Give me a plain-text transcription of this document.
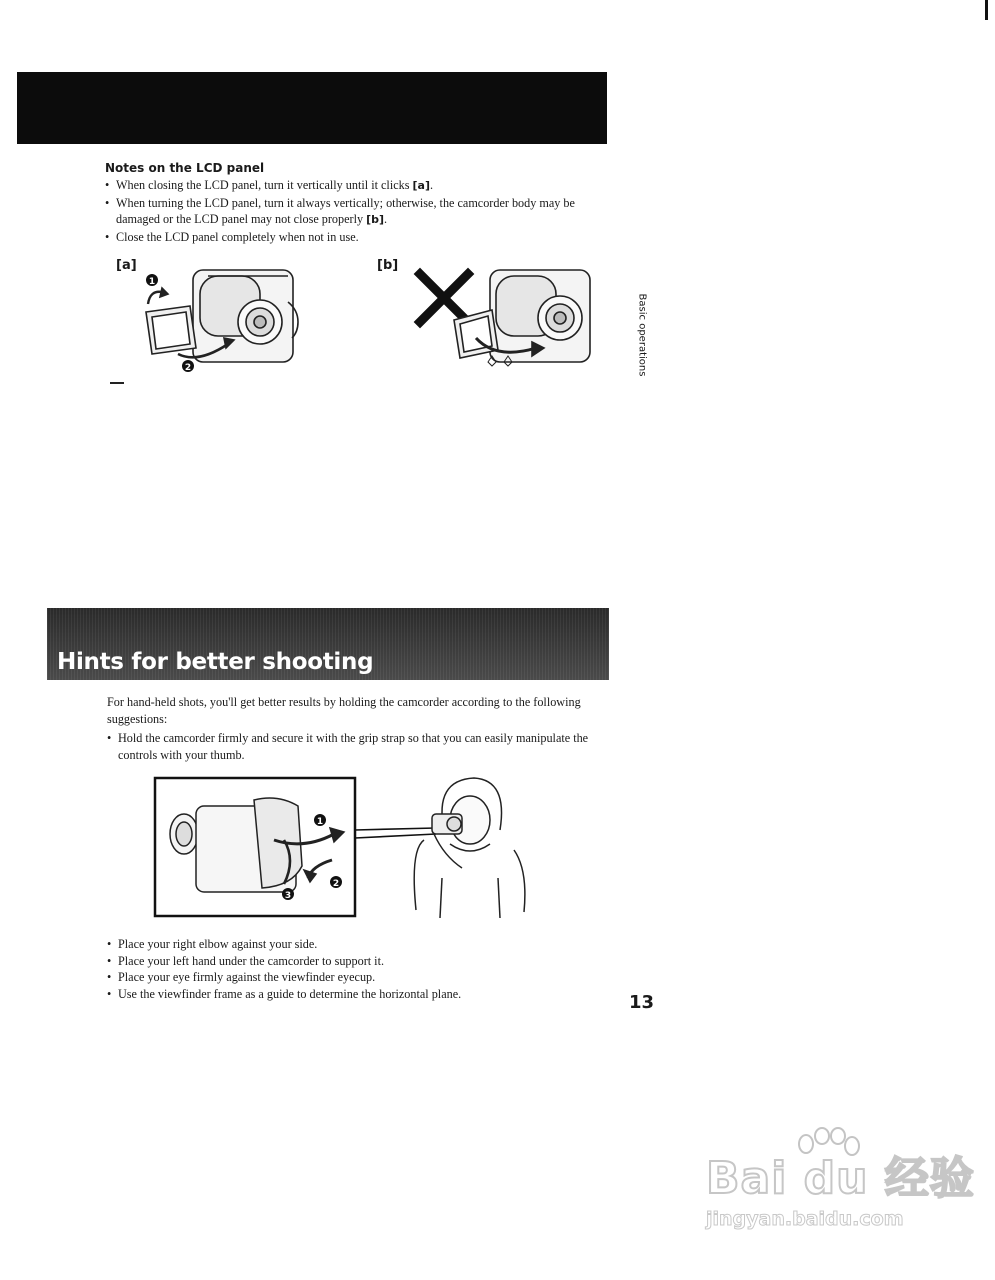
Notes on the LCD panel
• When closing the LCD panel, turn it vertically until it clicks [a].
• When turning the LCD panel, turn it always vertically; otherwise, the camcorder body may be damaged or the LCD panel may not close properly [b].
• Close the LCD panel completely when not in use.
[a]
1
2
[b]
Basic operations
Hints for better shooting
For hand-held shots, you'll get better results by holding the camcorder according to the following suggestions:
• Hold the camcorder firmly and secure it with the grip strap so that you can easily manipulate the controls with your thumb.
1
2
3
• Place your right elbow against your side.
• Place your left hand under the camcorder to support it.
• Place your eye firmly against the viewfinder eyecup.
• Use the viewfinder frame as a guide to determine the horizontal plane.	13
Bai du 经验
jingyan.baidu.com
